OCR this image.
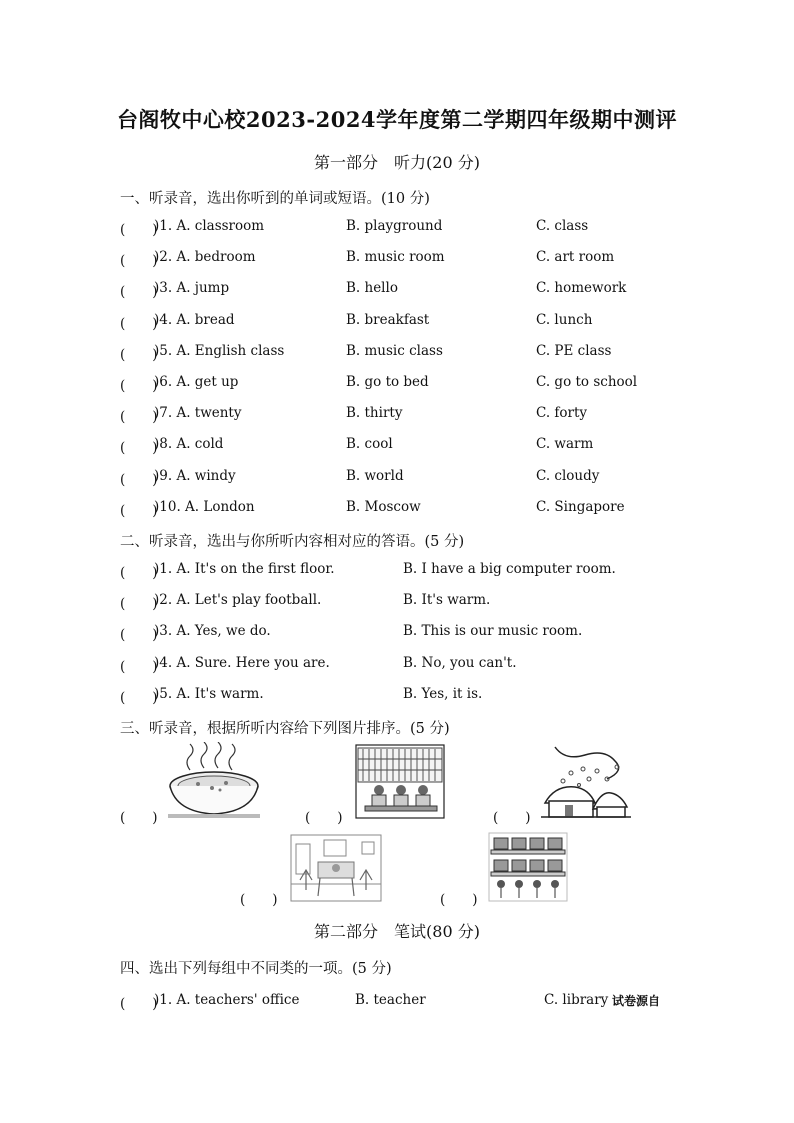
台阁牧中心校2023-2024学年度第二学期四年级期中测评
第一部分　听力(20 分)
一、听录音，选出你听到的单词或短语。(10 分)
(　　)
)1. A. classroom	B. playground	C. class
(　　)
)2. A. bedroom	B. music room	C. art room
(　　)
)3. A. jump	B. hello	C. homework
(　　)
)4. A. bread	B. breakfast	C. lunch
(　　)
)5. A. English class	B. music class	C. PE class
(　　)
)6. A. get up	B. go to bed	C. go to school
(　　)
)7. A. twenty	B. thirty	C. forty
(　　)
)8. A. cold	B. cool	C. warm
(　　)
)9. A. windy	B. world	C. cloudy
(　　)
)10. A. London	B. Moscow	C. Singapore
二、听录音，选出与你所听内容相对应的答语。(5 分)
(　　)
)1. A. It's on the first floor.	B. I have a big computer room.
(　　)
)2. A. Let's play football.	B. It's warm.
(　　)
)3. A. Yes, we do.	B. This is our music room.
(　　)
)4. A. Sure. Here you are.	B. No, you can't.
(　　)
)5. A. It's warm.	B. Yes, it is.
三、听录音，根据所听内容给下列图片排序。(5 分)
(　　)	(　　)	(　　)
(　　)	(　　)
第二部分　笔试(80 分)
四、选出下列每组中不同类的一项。(5 分)
(　　)
)1. A. teachers' office	B. teacher	C. library 试卷源自
